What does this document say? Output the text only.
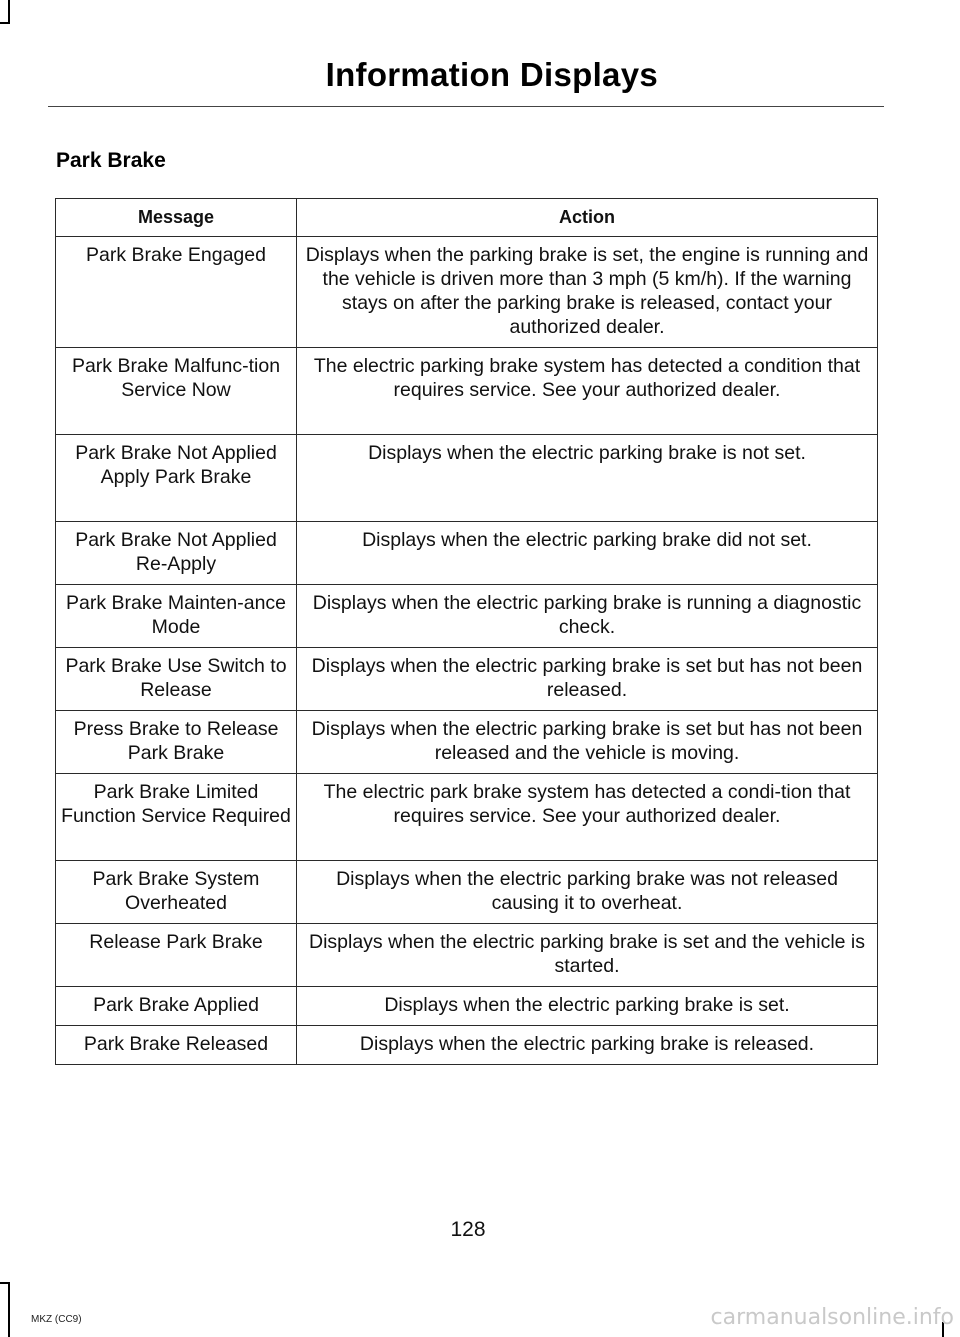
Information Displays
Park Brake
Message	Action
Park Brake Engaged	Displays when the parking brake is set, the engine is running and the vehicle is driven more than 3 mph (5 km/h). If the warning stays on after the parking brake is released, contact your authorized dealer.
Park Brake Malfunc-tion Service Now	The electric parking brake system has detected a condition that requires service. See your authorized dealer.
Park Brake Not Applied Apply Park Brake	Displays when the electric parking brake is not set.
Park Brake Not Applied Re-Apply	Displays when the electric parking brake did not set.
Park Brake Mainten-ance Mode	Displays when the electric parking brake is running a diagnostic check.
Park Brake Use Switch to Release	Displays when the electric parking brake is set but has not been released.
Press Brake to Release Park Brake	Displays when the electric parking brake is set but has not been released and the vehicle is moving.
Park Brake Limited Function Service Required	The electric park brake system has detected a condi-tion that requires service. See your authorized dealer.
Park Brake System Overheated	Displays when the electric parking brake was not released causing it to overheat.
Release Park Brake	Displays when the electric parking brake is set and the vehicle is started.
Park Brake Applied	Displays when the electric parking brake is set.
Park Brake Released	Displays when the electric parking brake is released.
128
MKZ (CC9)	carmanualsonline.info
